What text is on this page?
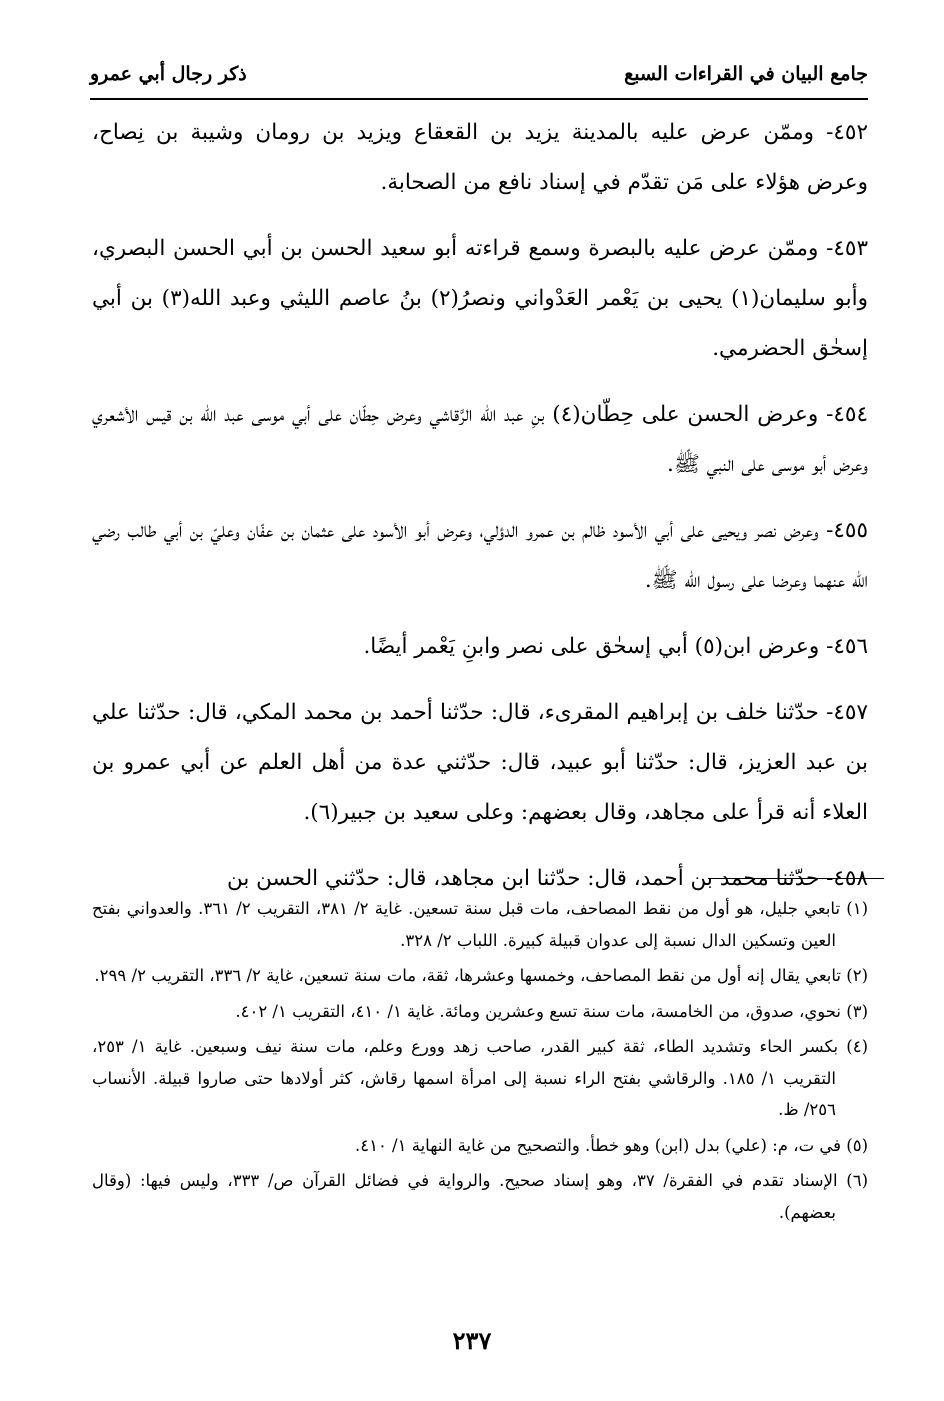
جامع البيان في القراءات السبع
ذكر رجال أبي عمرو

٤٥٢- وممّن عرض عليه بالمدينة يزيد بن القعقاع ويزيد بن رومان وشيبة بن نِصاح، وعرض هؤلاء على مَن تقدّم في إسناد نافع من الصحابة.

٤٥٣- وممّن عرض عليه بالبصرة وسمع قراءته أبو سعيد الحسن بن أبي الحسن البصري، وأبو سليمان(١) يحيى بن يَعْمر العَدْواني ونصرُ(٢) بنُ عاصم الليثي وعبد الله(٣) بن أبي إسحٰق الحضرمي.

٤٥٤- وعرض الحسن على حِطّان(٤) بنِ عبد الله الرَّقاشي وعرض حِطّان على أبي موسى عبد الله بن قيس الأشعري وعرض أبو موسى على النبي ﷺ.

٤٥٥- وعرض نصر ويحيى على أبي الأسود ظالم بن عمرو الدؤلي، وعرض أبو الأسود على عثمان بن عفّان وعليّ بن أبي طالب رضي الله عنهما وعرضا على رسول الله ﷺ.

٤٥٦- وعرض ابن(٥) أبي إسحٰق على نصر وابنِ يَعْمر أيضًا.

٤٥٧- حدّثنا خلف بن إبراهيم المقرىء، قال: حدّثنا أحمد بن محمد المكي، قال: حدّثنا علي بن عبد العزيز، قال: حدّثنا أبو عبيد، قال: حدّثني عدة من أهل العلم عن أبي عمرو بن العلاء أنه قرأ على مجاهد، وقال بعضهم: وعلى سعيد بن جبير(٦).

٤٥٨- حدّثنا محمد بن أحمد، قال: حدّثنا ابن مجاهد، قال: حدّثني الحسن بن

(١) تابعي جليل، هو أول من نقط المصاحف، مات قبل سنة تسعين. غاية ٢/ ٣٨١، التقريب ٢/ ٣٦١. والعدواني بفتح العين وتسكين الدال نسبة إلى عدوان قبيلة كبيرة. اللباب ٢/ ٣٢٨.

(٢) تابعي يقال إنه أول من نقط المصاحف، وخمسها وعشرها، ثقة، مات سنة تسعين، غاية ٢/ ٣٣٦، التقريب ٢/ ٢٩٩.

(٣) نحوي، صدوق، من الخامسة، مات سنة تسع وعشرين ومائة. غاية ١/ ٤١٠، التقريب ١/ ٤٠٢.

(٤) بكسر الحاء وتشديد الطاء، ثقة كبير القدر، صاحب زهد وورع وعلم، مات سنة نيف وسبعين. غاية ١/ ٢٥٣، التقريب ١/ ١٨٥. والرقاشي بفتح الراء نسبة إلى امرأة اسمها رقاش، كثر أولادها حتى صاروا قبيلة. الأنساب ٢٥٦/ ظ.

(٥) في ت، م: (علي) بدل (ابن) وهو خطأ. والتصحيح من غاية النهاية ١/ ٤١٠.

(٦) الإسناد تقدم في الفقرة/ ٣٧، وهو إسناد صحيح. والرواية في فضائل القرآن ص/ ٣٣٣، وليس فيها: (وقال بعضهم).

٢٣٧
